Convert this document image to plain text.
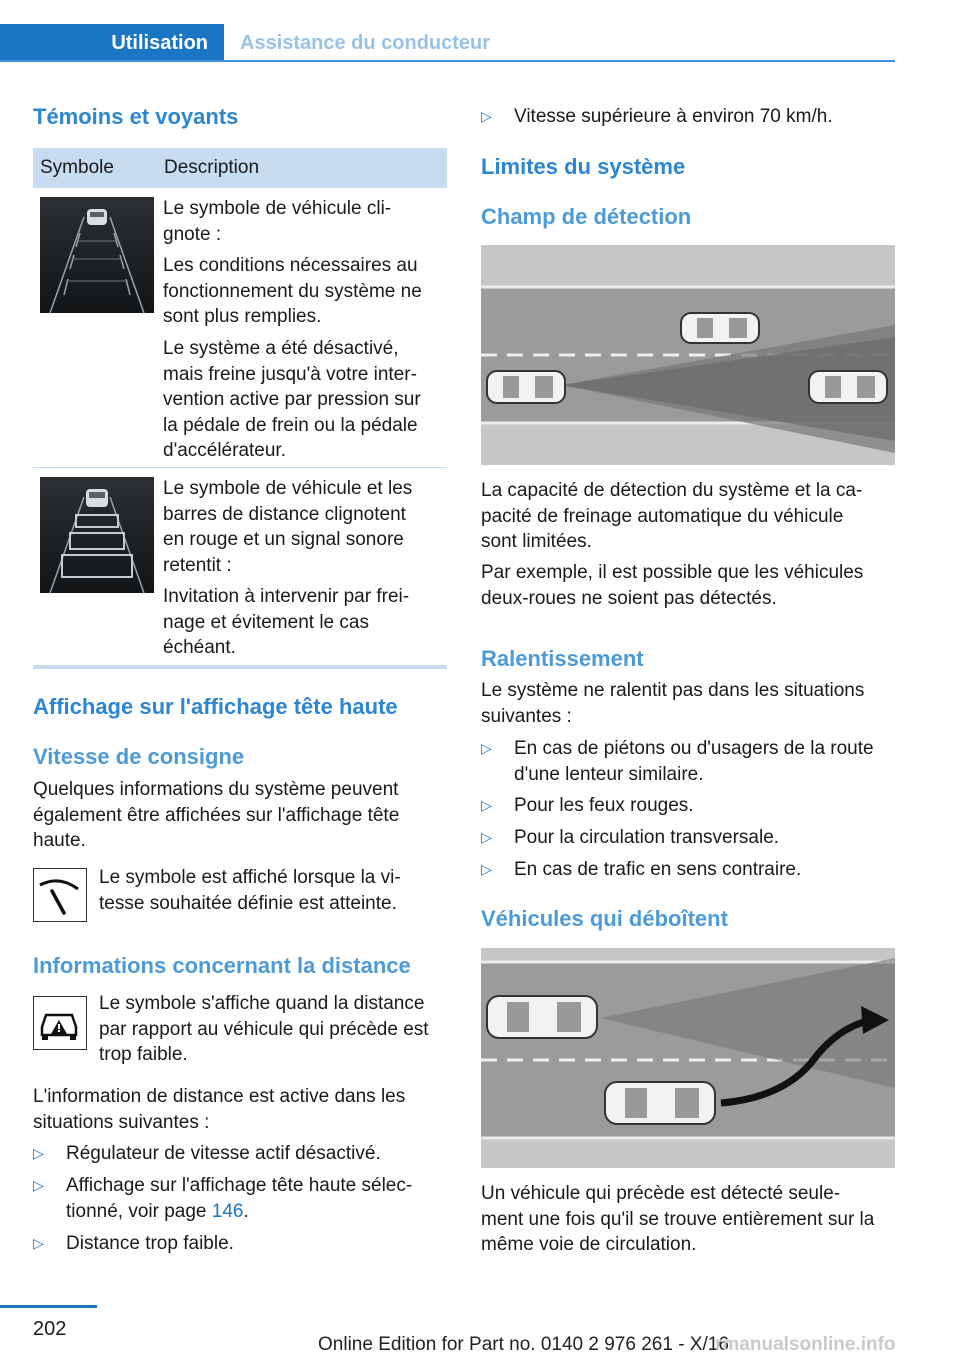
Utilisation Assistance du conducteur
Témoins et voyants
Symbole	Description
Le symbole de véhicule cli-
gnote :
Les conditions nécessaires au
fonctionnement du système ne
sont plus remplies.
Le système a été désactivé,
mais freine jusqu'à votre inter-
vention active par pression sur
la pédale de frein ou la pédale
d'accélérateur.
Le symbole de véhicule et les
barres de distance clignotent
en rouge et un signal sonore
retentit :
Invitation à intervenir par frei-
nage et évitement le cas
échéant.
Affichage sur l'affichage tête haute
Vitesse de consigne
Quelques informations du système peuvent
également être affichées sur l'affichage tête
haute.
Le symbole est affiché lorsque la vi-
tesse souhaitée définie est atteinte.
Informations concernant la distance
Le symbole s'affiche quand la distance
par rapport au véhicule qui précède est
trop faible.
L'information de distance est active dans les
situations suivantes :
▷ Régulateur de vitesse actif désactivé.
▷ Affichage sur l'affichage tête haute sélec-
tionné, voir page 146.
▷ Distance trop faible.
▷ Vitesse supérieure à environ 70 km/h.
Limites du système
Champ de détection
La capacité de détection du système et la ca-
pacité de freinage automatique du véhicule
sont limitées.
Par exemple, il est possible que les véhicules
deux-roues ne soient pas détectés.
Ralentissement
Le système ne ralentit pas dans les situations
suivantes :
▷ En cas de piétons ou d'usagers de la route
d'une lenteur similaire.
▷ Pour les feux rouges.
▷ Pour la circulation transversale.
▷ En cas de trafic en sens contraire.
Véhicules qui déboîtent
Un véhicule qui précède est détecté seule-
ment une fois qu'il se trouve entièrement sur la
même voie de circulation.
202
Online Edition for Part no. 0140 2 976 261 - X/16
rmanualsonline.info
